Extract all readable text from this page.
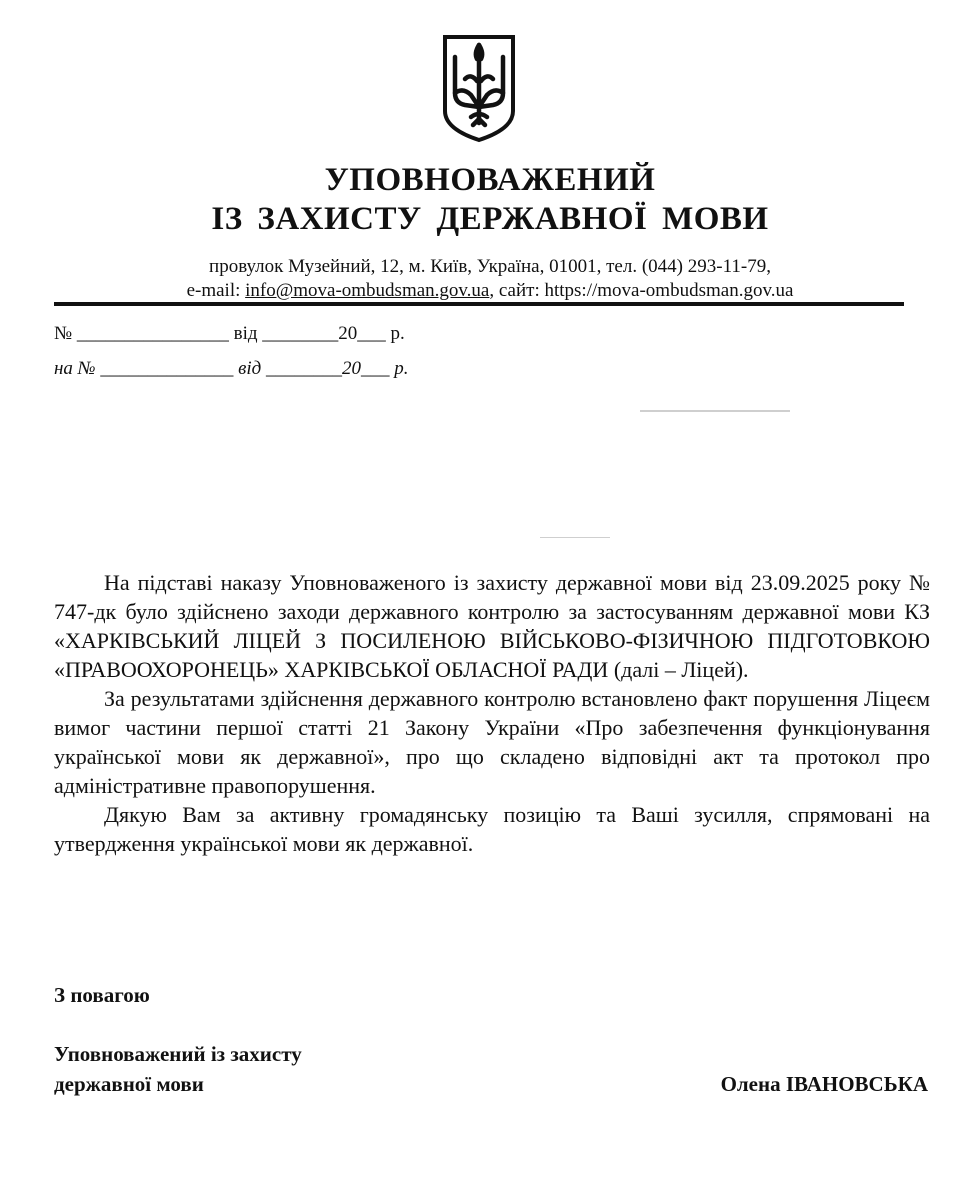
УПОВНОВАЖЕНИЙ
ІЗ ЗАХИСТУ ДЕРЖАВНОЇ МОВИ
провулок Музейний, 12, м. Київ, Україна, 01001, тел. (044) 293-11-79,
e-mail: info@mova-ombudsman.gov.ua, сайт: https://mova-ombudsman.gov.ua
№ ________________ від ________20___ р.
на № ______________ від ________20___ р.

На підставі наказу Уповноваженого із захисту державної мови від 23.09.2025 року № 747-дк було здійснено заходи державного контролю за застосуванням державної мови КЗ «ХАРКІВСЬКИЙ ЛІЦЕЙ З ПОСИЛЕНОЮ ВІЙСЬКОВО-ФІЗИЧНОЮ ПІДГОТОВКОЮ «ПРАВООХОРОНЕЦЬ» ХАРКІВСЬКОЇ ОБЛАСНОЇ РАДИ (далі – Ліцей).

За результатами здійснення державного контролю встановлено факт порушення Ліцеєм вимог частини першої статті 21 Закону України «Про забезпечення функціонування української мови як державної», про що складено відповідні акт та протокол про адміністративне правопорушення.

Дякую Вам за активну громадянську позицію та Ваші зусилля, спрямовані на утвердження української мови як державної.

З повагою
Уповноважений із захисту
державної мови	Олена ІВАНОВСЬКА
